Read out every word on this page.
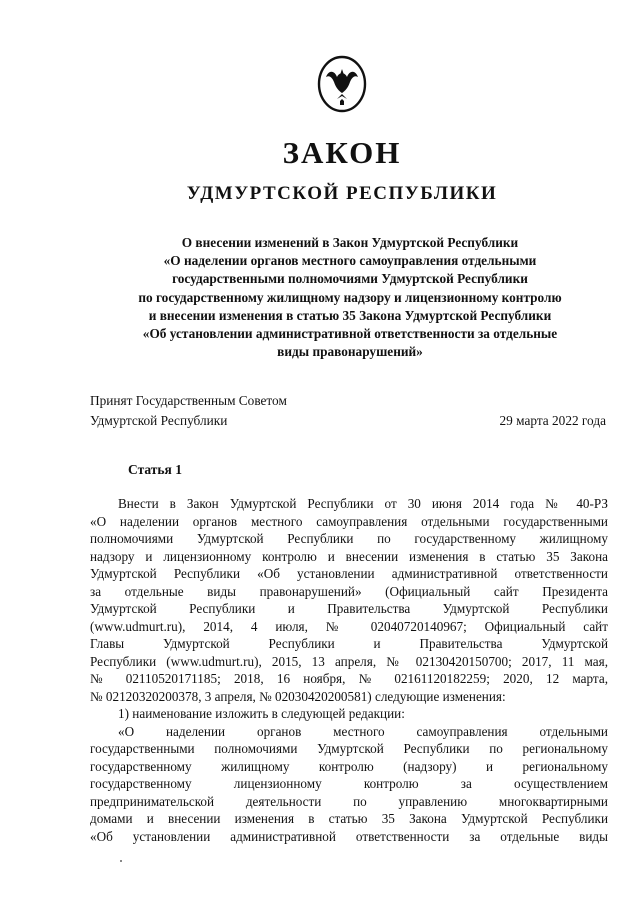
ЗАКОН
УДМУРТСКОЙ РЕСПУБЛИКИ
О внесении изменений в Закон Удмуртской Республики
«О наделении органов местного самоуправления отдельными
государственными полномочиями Удмуртской Республики
по государственному жилищному надзору и лицензионному контролю
и внесении изменения в статью 35 Закона Удмуртской Республики
«Об установлении административной ответственности за отдельные
виды правонарушений»
Принят Государственным Советом
Удмуртской Республики	29 марта 2022 года
Статья 1
Внести в Закон Удмуртской Республики от 30 июня 2014 года № 40-РЗ
«О наделении органов местного самоуправления отдельными государственными
полномочиями Удмуртской Республики по государственному жилищному
надзору и лицензионному контролю и внесении изменения в статью 35 Закона
Удмуртской Республики «Об установлении административной ответственности
за отдельные виды правонарушений» (Официальный сайт Президента
Удмуртской Республики и Правительства Удмуртской Республики
(www.udmurt.ru), 2014, 4 июля, № 02040720140967; Официальный сайт
Главы Удмуртской Республики и Правительства Удмуртской
Республики (www.udmurt.ru), 2015, 13 апреля, № 02130420150700; 2017, 11 мая,
№ 02110520171185; 2018, 16 ноября, № 02161120182259; 2020, 12 марта,
№ 02120320200378, 3 апреля, № 02030420200581) следующие изменения:
1) наименование изложить в следующей редакции:
«О наделении органов местного самоуправления отдельными
государственными полномочиями Удмуртской Республики по региональному
государственному жилищному контролю (надзору) и региональному
государственному лицензионному контролю за осуществлением
предпринимательской деятельности по управлению многоквартирными
домами и внесении изменения в статью 35 Закона Удмуртской Республики
«Об установлении административной ответственности за отдельные виды
